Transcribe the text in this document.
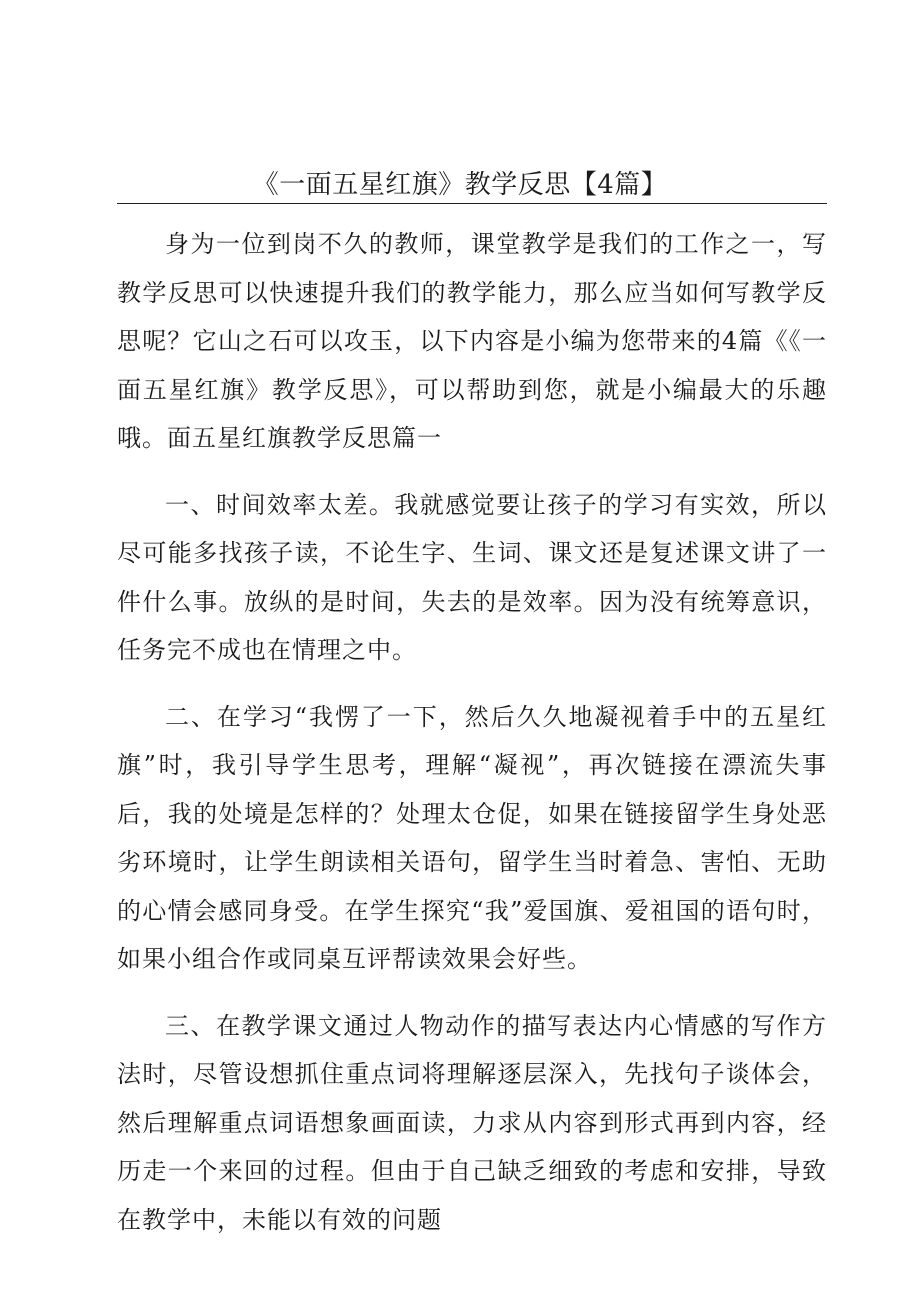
《一面五星红旗》教学反思【4篇】

身为一位到岗不久的教师，课堂教学是我们的工作之一，写教学反思可以快速提升我们的教学能力，那么应当如何写教学反思呢？它山之石可以攻玉，以下内容是小编为您带来的4篇《《一面五星红旗》教学反思》，可以帮助到您，就是小编最大的乐趣哦。面五星红旗教学反思篇一

一、时间效率太差。我就感觉要让孩子的学习有实效，所以尽可能多找孩子读，不论生字、生词、课文还是复述课文讲了一件什么事。放纵的是时间，失去的是效率。因为没有统筹意识，任务完不成也在情理之中。

二、在学习“我愣了一下，然后久久地凝视着手中的五星红旗”时，我引导学生思考，理解“凝视”，再次链接在漂流失事后，我的处境是怎样的？处理太仓促，如果在链接留学生身处恶劣环境时，让学生朗读相关语句，留学生当时着急、害怕、无助的心情会感同身受。在学生探究“我”爱国旗、爱祖国的语句时，如果小组合作或同桌互评帮读效果会好些。

三、在教学课文通过人物动作的描写表达内心情感的写作方法时，尽管设想抓住重点词将理解逐层深入，先找句子谈体会，然后理解重点词语想象画面读，力求从内容到形式再到内容，经历走一个来回的过程。但由于自己缺乏细致的考虑和安排，导致在教学中，未能以有效的问题
